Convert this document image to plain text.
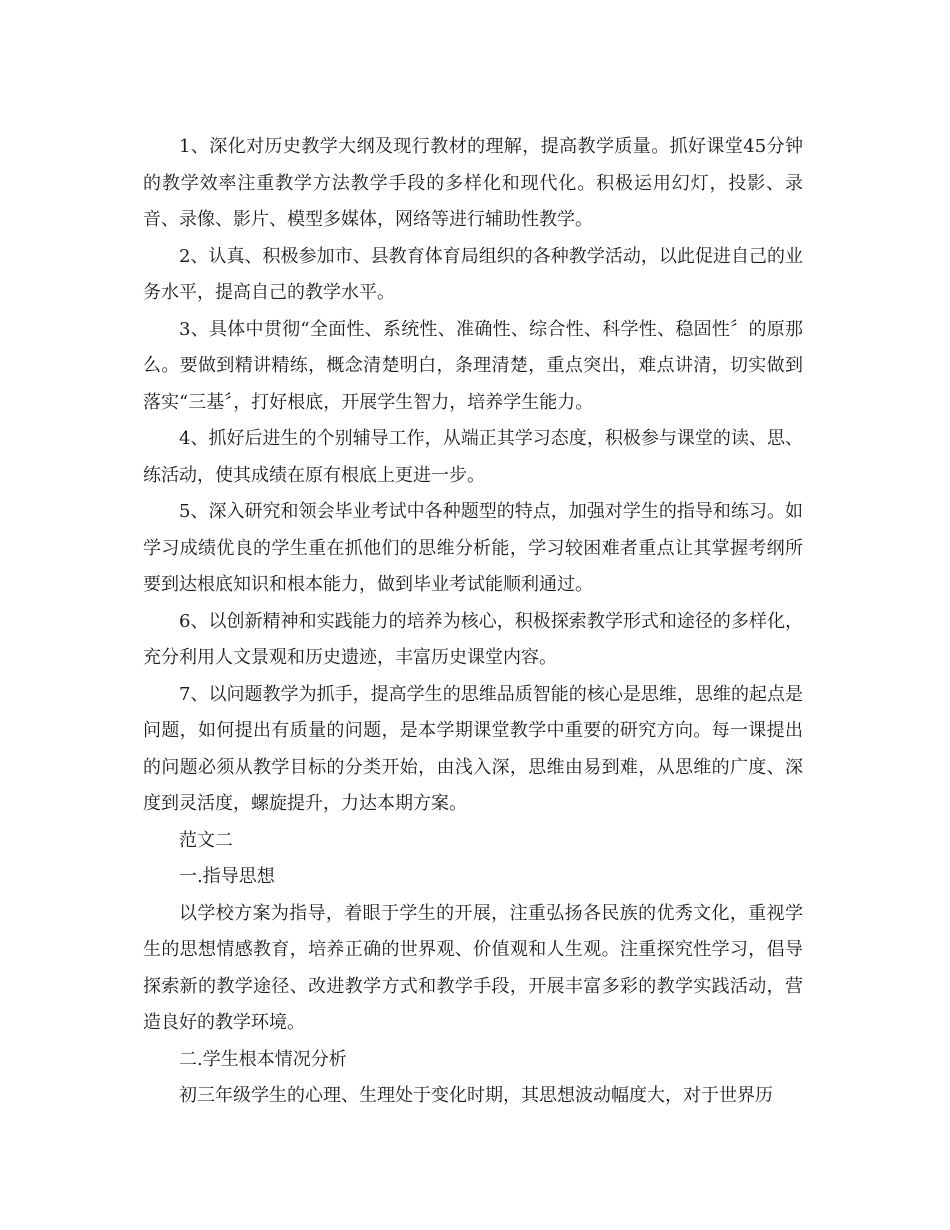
1、深化对历史教学大纲及现行教材的理解，提高教学质量。抓好课堂45分钟的教学效率注重教学方法教学手段的多样化和现代化。积极运用幻灯，投影、录音、录像、影片、模型多媒体，网络等进行辅助性教学。

2、认真、积极参加市、县教育体育局组织的各种教学活动，以此促进自己的业务水平，提高自己的教学水平。

3、具体中贯彻“全面性、系统性、准确性、综合性、科学性、稳固性〞的原那么。要做到精讲精练，概念清楚明白，条理清楚，重点突出，难点讲清，切实做到落实“三基〞，打好根底，开展学生智力，培养学生能力。

4、抓好后进生的个别辅导工作，从端正其学习态度，积极参与课堂的读、思、练活动，使其成绩在原有根底上更进一步。

5、深入研究和领会毕业考试中各种题型的特点，加强对学生的指导和练习。如学习成绩优良的学生重在抓他们的思维分析能，学习较困难者重点让其掌握考纲所要到达根底知识和根本能力，做到毕业考试能顺利通过。

6、以创新精神和实践能力的培养为核心，积极探索教学形式和途径的多样化，充分利用人文景观和历史遗迹，丰富历史课堂内容。

7、以问题教学为抓手，提高学生的思维品质智能的核心是思维，思维的起点是问题，如何提出有质量的问题，是本学期课堂教学中重要的研究方向。每一课提出的问题必须从教学目标的分类开始，由浅入深，思维由易到难，从思维的广度、深度到灵活度，螺旋提升，力达本期方案。

范文二

一.指导思想

以学校方案为指导，着眼于学生的开展，注重弘扬各民族的优秀文化，重视学生的思想情感教育，培养正确的世界观、价值观和人生观。注重探究性学习，倡导探索新的教学途径、改进教学方式和教学手段，开展丰富多彩的教学实践活动，营造良好的教学环境。

二.学生根本情况分析

初三年级学生的心理、生理处于变化时期，其思想波动幅度大，对于世界历
